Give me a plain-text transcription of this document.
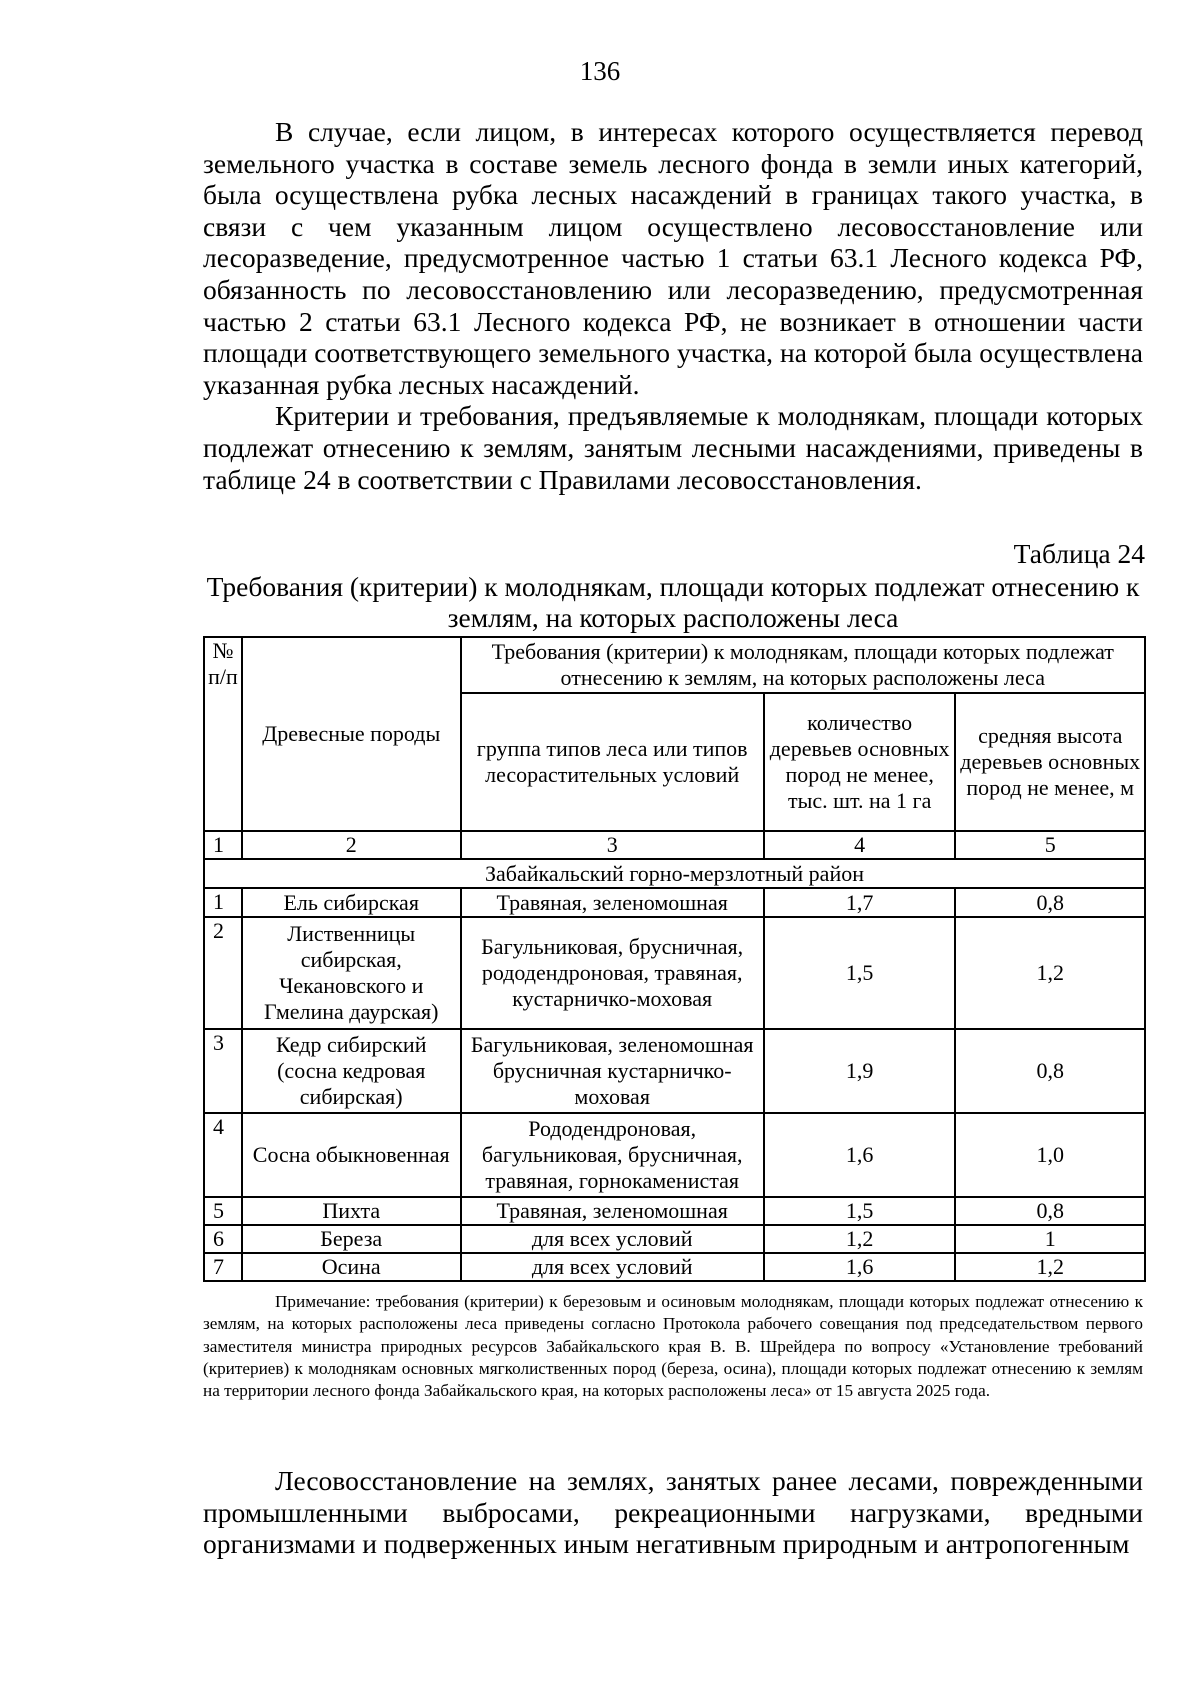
136

В случае, если лицом, в интересах которого осуществляется перевод земельного участка в составе земель лесного фонда в земли иных категорий, была осуществлена рубка лесных насаждений в границах такого участка, в связи с чем указанным лицом осуществлено лесовосстановление или лесоразведение, предусмотренное частью 1 статьи 63.1 Лесного кодекса РФ, обязанность по лесовосстановлению или лесоразведению, предусмотренная частью 2 статьи 63.1 Лесного кодекса РФ, не возникает в отношении части площади соответствующего земельного участка, на которой была осуществлена указанная рубка лесных насаждений.

Критерии и требования, предъявляемые к молоднякам, площади которых подлежат отнесению к землям, занятым лесными насаждениями, приведены в таблице 24 в соответствии с Правилами лесовосстановления.

Таблица 24
Требования (критерии) к молоднякам, площади которых подлежат отнесению к землям, на которых расположены леса
№ п/п	Древесные породы	Требования (критерии) к молоднякам, площади которых подлежат отнесению к землям, на которых расположены леса		
		группа типов леса или типов лесорастительных условий	количество деревьев основных пород не менее, тыс. шт. на 1 га	средняя высота деревьев основных пород не менее, м
1	2	3	4	5
Забайкальский горно-мерзлотный район				
1	Ель сибирская	Травяная, зеленомошная	1,7	0,8
2	Лиственницы сибирская, Чекановского и Гмелина даурская)	Багульниковая, брусничная, рододендроновая, травяная, кустарничко-моховая	1,5	1,2
3	Кедр сибирский (сосна кедровая сибирская)	Багульниковая, зеленомошная брусничная кустарничко-моховая	1,9	0,8
4	Сосна обыкновенная	Рододендроновая, багульниковая, брусничная, травяная, горнокаменистая	1,6	1,0
5	Пихта	Травяная, зеленомошная	1,5	0,8
6	Береза	для всех условий	1,2	1
7	Осина	для всех условий	1,6	1,2

Примечание: требования (критерии) к березовым и осиновым молоднякам, площади которых подлежат отнесению к землям, на которых расположены леса приведены согласно Протокола рабочего совещания под председательством первого заместителя министра природных ресурсов Забайкальского края В. В. Шрейдера по вопросу «Установление требований (критериев) к молоднякам основных мягколиственных пород (береза, осина), площади которых подлежат отнесению к землям на территории лесного фонда Забайкальского края, на которых расположены леса» от 15 августа 2025 года.

Лесовосстановление на землях, занятых ранее лесами, поврежденными промышленными выбросами, рекреационными нагрузками, вредными организмами и подверженных иным негативным природным и антропогенным
